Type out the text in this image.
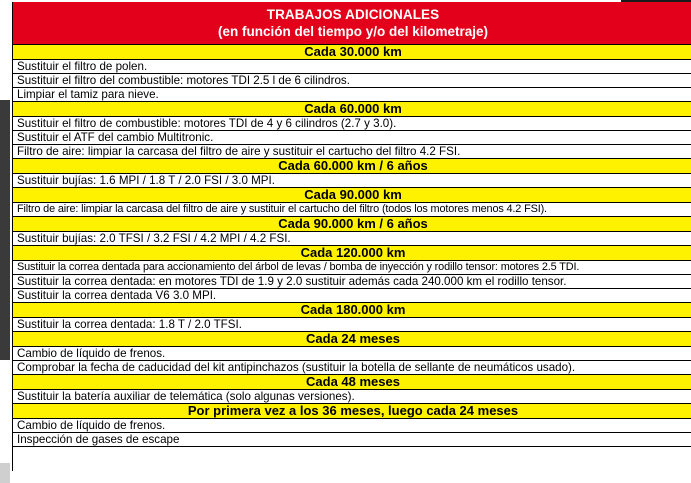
TRABAJOS ADICIONALES
(en función del tiempo y/o del kilometraje)
Cada 30.000 km
Sustituir el filtro de polen.
Sustituir el filtro del combustible: motores TDI 2.5 l de 6 cilindros.
Limpiar el tamiz para nieve.
Cada 60.000 km
Sustituir el filtro de combustible: motores TDI de 4 y 6 cilindros (2.7 y 3.0).
Sustituir el ATF del cambio Multitronic.
Filtro de aire: limpiar la carcasa del filtro de aire y sustituir el cartucho del filtro 4.2 FSI.
Cada 60.000 km / 6 años
Sustituir bujías: 1.6 MPI / 1.8 T / 2.0 FSI / 3.0 MPI.
Cada 90.000 km
Filtro de aire: limpiar la carcasa del filtro de aire y sustituir el cartucho del filtro (todos los motores menos 4.2 FSI).
Cada 90.000 km / 6 años
Sustituir bujías: 2.0 TFSI / 3.2 FSI / 4.2 MPI / 4.2 FSI.
Cada 120.000 km
Sustituir la correa dentada para accionamiento del árbol de levas / bomba de inyección y rodillo tensor: motores 2.5 TDI.
Sustituir la correa dentada: en motores TDI de 1.9 y 2.0 sustituir además cada 240.000 km el rodillo tensor.
Sustituir la correa dentada V6 3.0 MPI.
Cada 180.000 km
Sustituir la correa dentada: 1.8 T / 2.0 TFSI.
Cada 24 meses
Cambio de líquido de frenos.
Comprobar la fecha de caducidad del kit antipinchazos (sustituir la botella de sellante de neumáticos usado).
Cada 48 meses
Sustituir la batería auxiliar de telemática (solo algunas versiones).
Por primera vez a los 36 meses, luego cada 24 meses
Cambio de líquido de frenos.
Inspección de gases de escape
